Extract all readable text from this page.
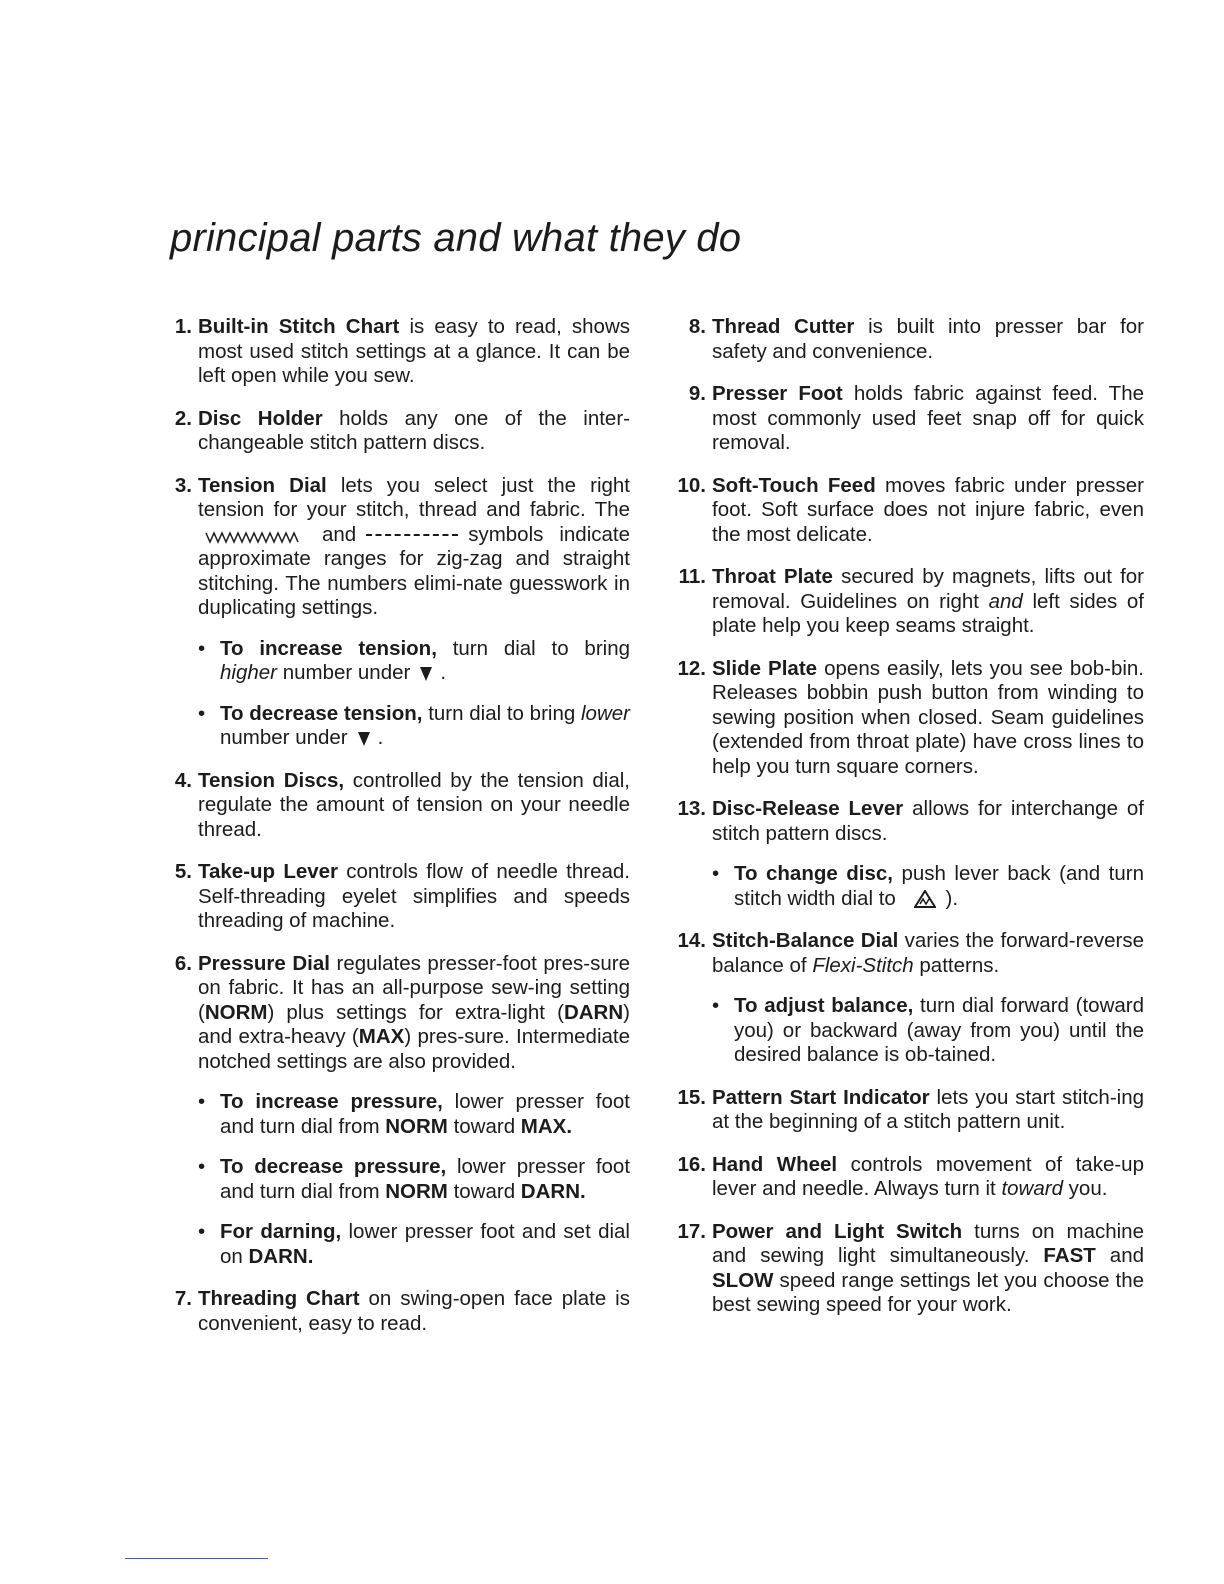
principal parts and what they do
1. Built-in Stitch Chart is easy to read, shows most used stitch settings at a glance. It can be left open while you sew.
2. Disc Holder holds any one of the inter-changeable stitch pattern discs.
3. Tension Dial lets you select just the right tension for your stitch, thread and fabric. The  and	symbols indicate approximate ranges for zig-zag and straight stitching. The numbers elimi-nate guesswork in duplicating settings.
• To increase tension, turn dial to bring higher number under .
• To decrease tension, turn dial to bring lower number under .
4. Tension Discs, controlled by the tension dial, regulate the amount of tension on your needle thread.
5. Take-up Lever controls flow of needle thread. Self-threading eyelet simplifies and speeds threading of machine.
6. Pressure Dial regulates presser-foot pres-sure on fabric. It has an all-purpose sew-ing setting (NORM) plus settings for extra-light (DARN) and extra-heavy (MAX) pres-sure. Intermediate notched settings are also provided.
• To increase pressure, lower presser foot and turn dial from NORM toward MAX.
• To decrease pressure, lower presser foot and turn dial from NORM toward DARN.
• For darning, lower presser foot and set dial on DARN.
7. Threading Chart on swing-open face plate is convenient, easy to read.
8. Thread Cutter is built into presser bar for safety and convenience.
9. Presser Foot holds fabric against feed. The most commonly used feet snap off for quick removal.
10. Soft-Touch Feed moves fabric under presser foot. Soft surface does not injure fabric, even the most delicate.
11. Throat Plate secured by magnets, lifts out for removal. Guidelines on right and left sides of plate help you keep seams straight.
12. Slide Plate opens easily, lets you see bob-bin. Releases bobbin push button from winding to sewing position when closed. Seam guidelines (extended from throat plate) have cross lines to help you turn square corners.
13. Disc-Release Lever allows for interchange of stitch pattern discs.
• To change disc, push lever back (and turn stitch width dial to ).
14. Stitch-Balance Dial varies the forward-reverse balance of Flexi-Stitch patterns.
• To adjust balance, turn dial forward (toward you) or backward (away from you) until the desired balance is ob-tained.
15. Pattern Start Indicator lets you start stitch-ing at the beginning of a stitch pattern unit.
16. Hand Wheel controls movement of take-up lever and needle. Always turn it toward you.
17. Power and Light Switch turns on machine and sewing light simultaneously. FAST and SLOW speed range settings let you choose the best sewing speed for your work.
